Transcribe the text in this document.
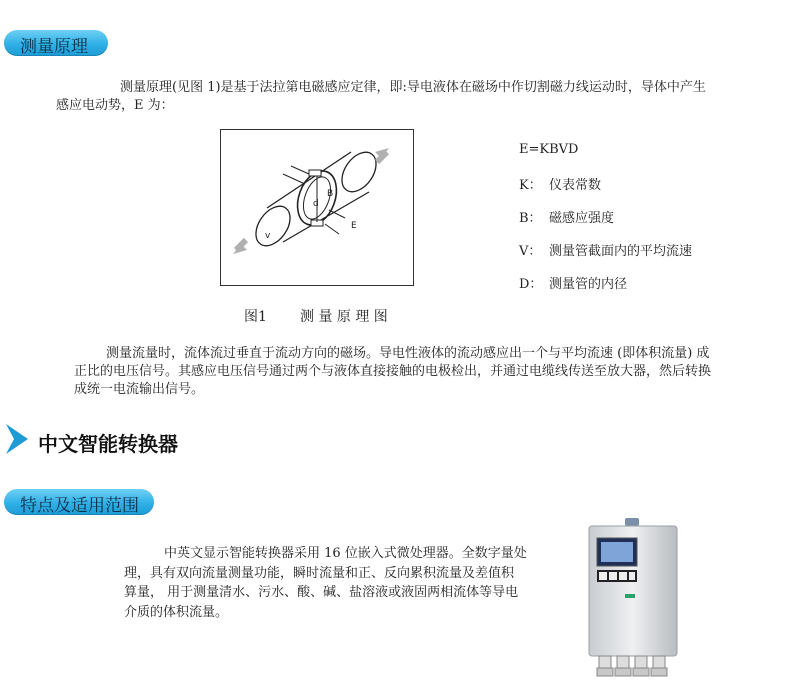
测量原理
测量原理(见图 1)是基于法拉第电磁感应定律，即:导电液体在磁场中作切割磁力线运动时，导体中产生
感应电动势，E 为：
B
d
E
v
图1 测 量 原 理 图
E=KBVD
K： 仪表常数
B： 磁感应强度
V： 测量管截面内的平均流速
D： 测量管的内径
测量流量时，流体流过垂直于流动方向的磁场。导电性液体的流动感应出一个与平均流速 (即体积流量) 成
正比的电压信号。其感应电压信号通过两个与液体直接接触的电极检出，并通过电缆线传送至放大器，然后转换
成统一电流输出信号。
中文智能转换器
特点及适用范围
中英文显示智能转换器采用 16 位嵌入式微处理器。全数字量处
理，具有双向流量测量功能，瞬时流量和正、反向累积流量及差值积
算量， 用于测量清水、污水、酸、碱、盐溶液或液固两相流体等导电
介质的体积流量。
